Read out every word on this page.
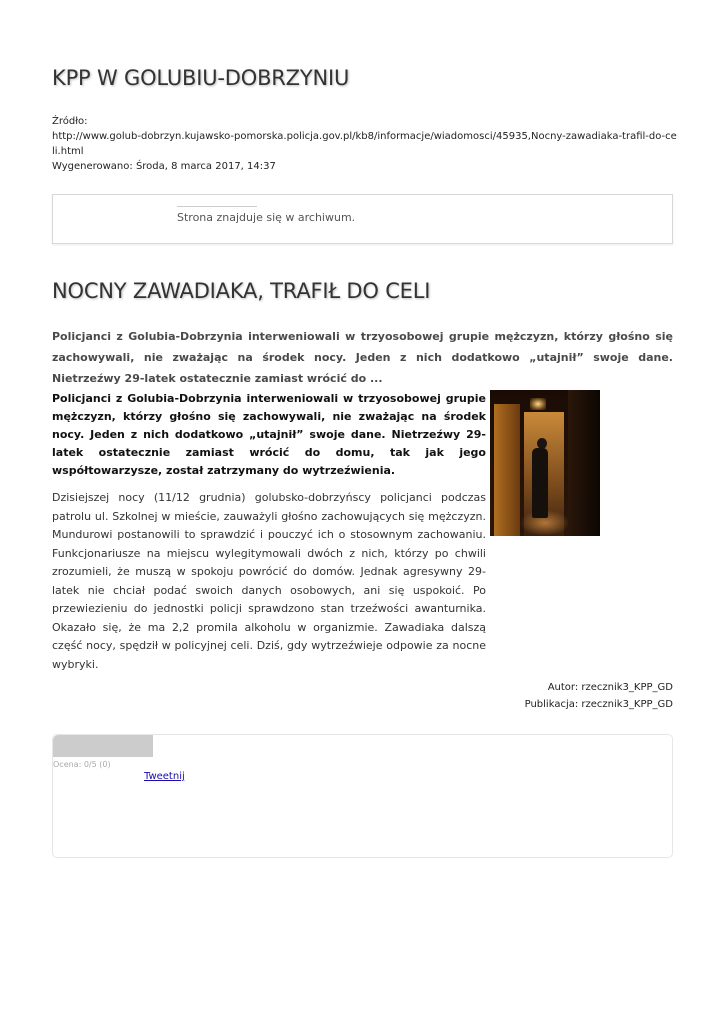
KPP W GOLUBIU-DOBRZYNIU
Źródło:
http://www.golub-dobrzyn.kujawsko-pomorska.policja.gov.pl/kb8/informacje/wiadomosci/45935,Nocny-zawadiaka-trafil-do-celi.html
Wygenerowano: Środa, 8 marca 2017, 14:37
Strona znajduje się w archiwum.
NOCNY ZAWADIAKA, TRAFIŁ DO CELI

Policjanci z Golubia-Dobrzynia interweniowali w trzyosobowej grupie mężczyzn, którzy głośno się zachowywali, nie zważając na środek nocy. Jeden z nich dodatkowo „utajnił” swoje dane. Nietrzeźwy 29-latek ostatecznie zamiast wrócić do ...

Policjanci z Golubia-Dobrzynia interweniowali w trzyosobowej grupie mężczyzn, którzy głośno się zachowywali, nie zważając na środek nocy. Jeden z nich dodatkowo „utajnił” swoje dane. Nietrzeźwy 29-latek ostatecznie zamiast wrócić do domu, tak jak jego współtowarzysze, został zatrzymany do wytrzeźwienia.

Dzisiejszej nocy (11/12 grudnia) golubsko-dobrzyńscy policjanci podczas patrolu ul. Szkolnej w mieście, zauważyli głośno zachowujących się mężczyzn. Mundurowi postanowili to sprawdzić i pouczyć ich o stosownym zachowaniu. Funkcjonariusze na miejscu wylegitymowali dwóch z nich, którzy po chwili zrozumieli, że muszą w spokoju powrócić do domów. Jednak agresywny 29-latek nie chciał podać swoich danych osobowych, ani się uspokoić. Po przewiezieniu do jednostki policji sprawdzono stan trzeźwości awanturnika. Okazało się, że ma 2,2 promila alkoholu w organizmie. Zawadiaka dalszą część nocy, spędził w policyjnej celi. Dziś, gdy wytrzeźwieje odpowie za nocne wybryki.

Autor: rzecznik3_KPP_GD
Publikacja: rzecznik3_KPP_GD
Ocena: 0/5 (0)
Tweetnij
